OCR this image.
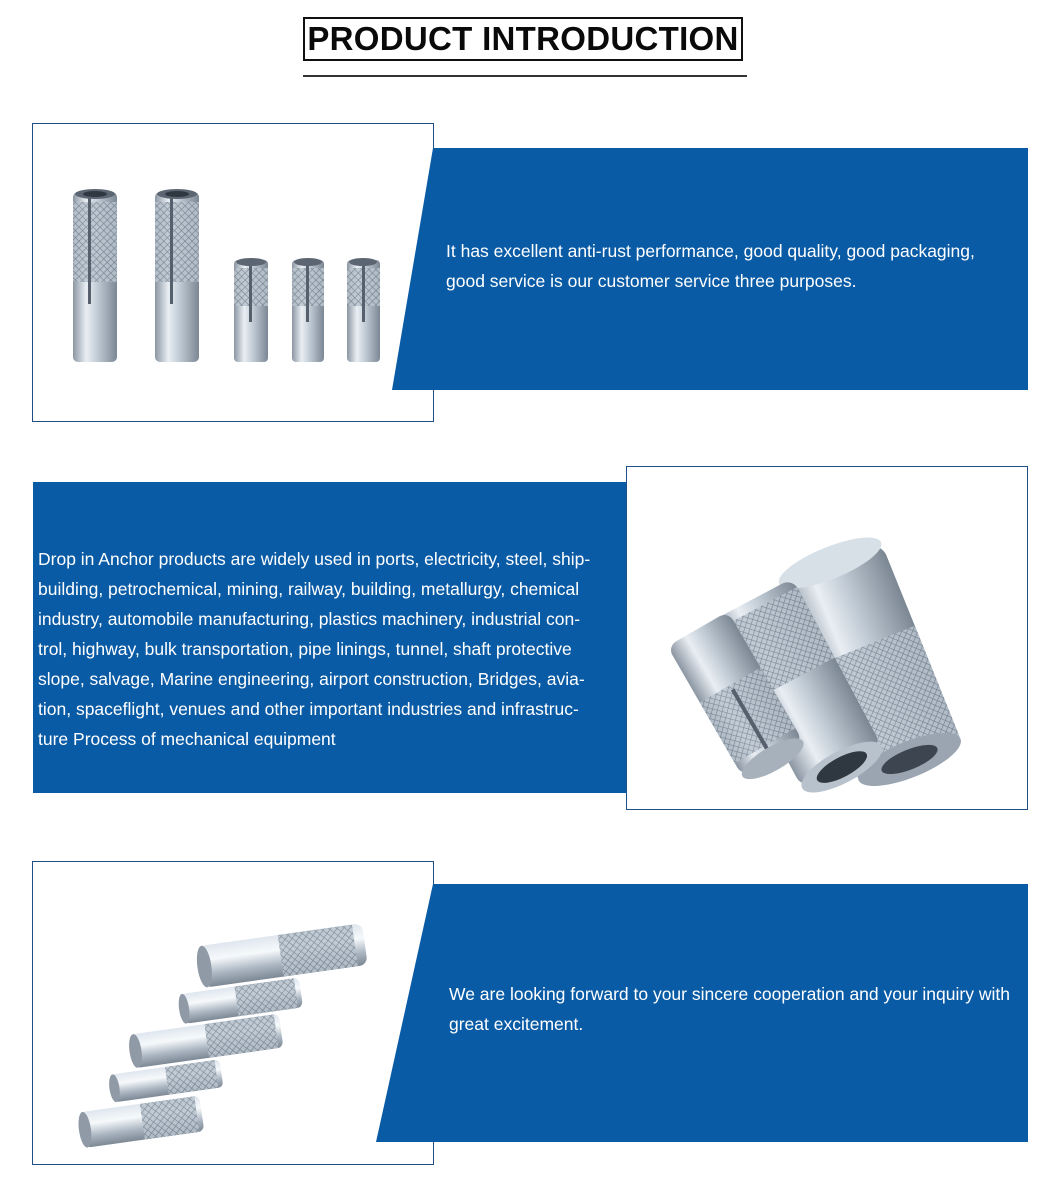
PRODUCT INTRODUCTION
It has excellent anti-rust performance, good quality, good packaging, good service is our customer service three purposes.
Drop in Anchor products are widely used in ports, electricity, steel, ship-
building, petrochemical, mining, railway, building, metallurgy, chemical
industry, automobile manufacturing, plastics machinery, industrial con-
trol, highway, bulk transportation, pipe linings, tunnel, shaft protective
slope, salvage, Marine engineering, airport construction, Bridges, avia-
tion, spaceflight, venues and other important industries and infrastruc-
ture Process of mechanical equipment
We are looking forward to your sincere cooperation and your inquiry with great excitement.
